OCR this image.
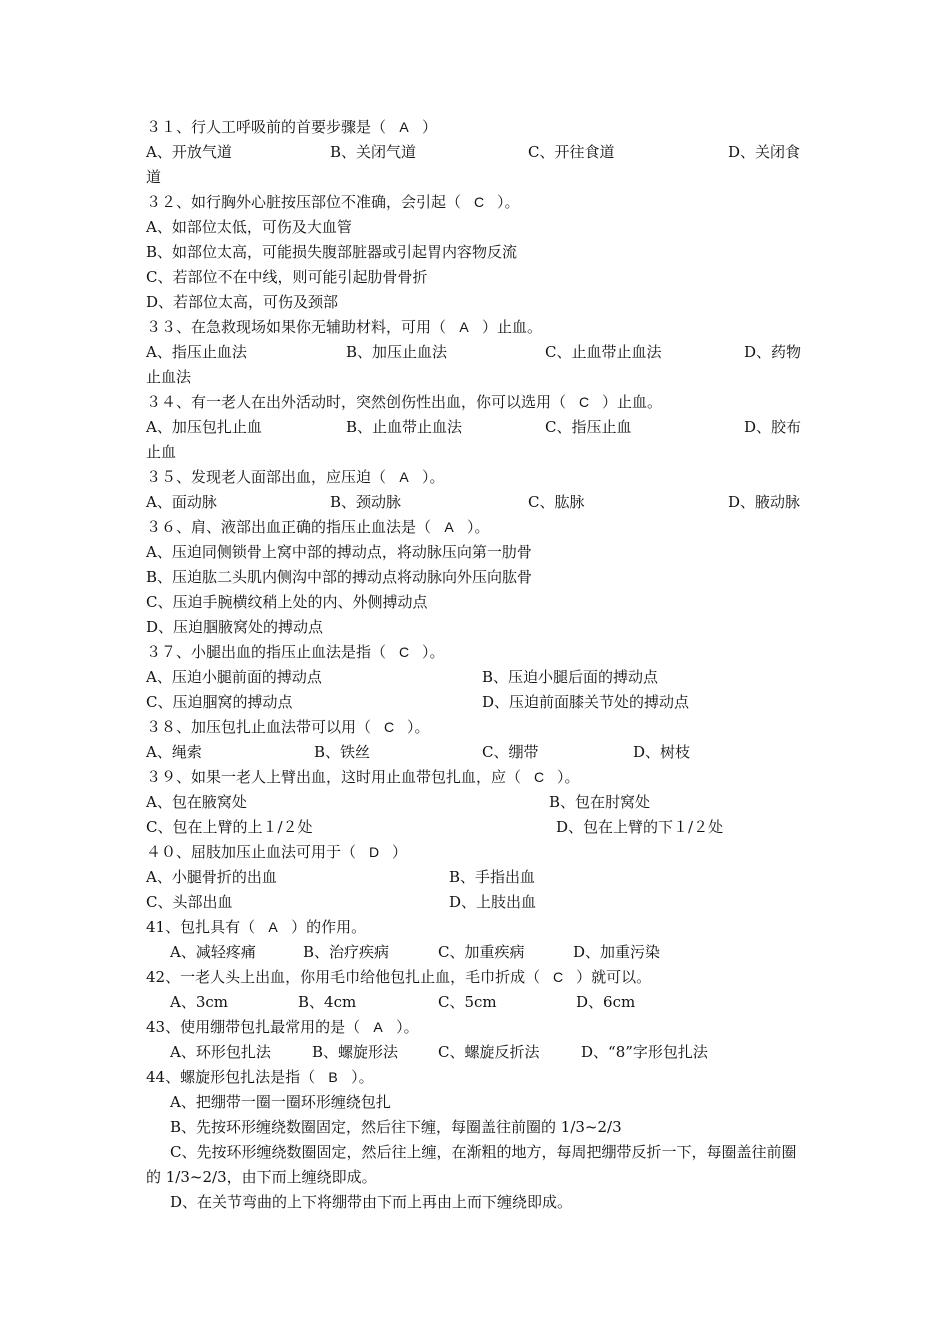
３１、行人工呼吸前的首要步骤是（ A ）
A、开放气道	B、关闭气道	C、开往食道	D、关闭食
道
３２、如行胸外心脏按压部位不准确，会引起（ C ）。
A、如部位太低，可伤及大血管
B、如部位太高，可能损失腹部脏器或引起胃内容物反流
C、若部位不在中线，则可能引起肋骨骨折
D、若部位太高，可伤及颈部
３３、在急救现场如果你无辅助材料，可用（ A ）止血。
A、指压止血法	B、加压止血法	C、止血带止血法	D、药物
止血法
３４、有一老人在出外活动时，突然创伤性出血，你可以选用（ C ）止血。
A、加压包扎止血	B、止血带止血法	C、指压止血	D、胶布
止血
３５、发现老人面部出血，应压迫（ A ）。
A、面动脉	B、颈动脉	C、肱脉	D、腋动脉
３６、肩、液部出血正确的指压止血法是（ A ）。
A、压迫同侧锁骨上窝中部的搏动点，将动脉压向第一肋骨
B、压迫肱二头肌内侧沟中部的搏动点将动脉向外压向肱骨
C、压迫手腕横纹稍上处的内、外侧搏动点
D、压迫腘腋窝处的搏动点
３７、小腿出血的指压止血法是指（ C ）。
A、压迫小腿前面的搏动点	B、压迫小腿后面的搏动点
C、压迫腘窝的搏动点	D、压迫前面膝关节处的搏动点
３８、加压包扎止血法带可以用（ C ）。
A、绳索	B、铁丝	C、绷带	D、树枝
３９、如果一老人上臂出血，这时用止血带包扎血，应（ C ）。
A、包在腋窝处	B、包在肘窝处
C、包在上臂的上１/２处	D、包在上臂的下１/２处
４０、屈肢加压止血法可用于（ D ）
A、小腿骨折的出血	B、手指出血
C、头部出血	D、上肢出血
41、包扎具有（ A ）的作用。
A、减轻疼痛	B、治疗疾病	C、加重疾病	D、加重污染
42、一老人头上出血，你用毛巾给他包扎止血，毛巾折成（ C ）就可以。
A、3cm	B、4cm	C、5cm	D、6cm
43、使用绷带包扎最常用的是（ A ）。
A、环形包扎法	B、螺旋形法	C、螺旋反折法	D、“8”字形包扎法
44、螺旋形包扎法是指（ B ）。
A、把绷带一圈一圈环形缠绕包扎
B、先按环形缠绕数圈固定，然后往下缠，每圈盖往前圈的 1/3~2/3
C、先按环形缠绕数圈固定，然后往上缠，在渐粗的地方，每周把绷带反折一下，每圈盖往前圈的 1/3~2/3，由下而上缠绕即成。
D、在关节弯曲的上下将绷带由下而上再由上而下缠绕即成。
